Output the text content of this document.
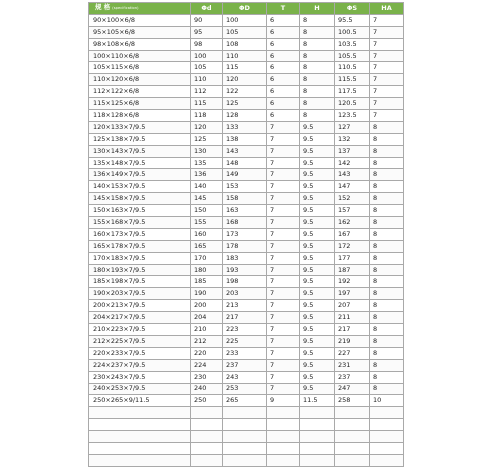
规 格 (specification)	Φd	ΦD	T	H	ΦS	HA
90×100×6/8	90	100	6	8	95.5	7
95×105×6/8	95	105	6	8	100.5	7
98×108×6/8	98	108	6	8	103.5	7
100×110×6/8	100	110	6	8	105.5	7
105×115×6/8	105	115	6	8	110.5	7
110×120×6/8	110	120	6	8	115.5	7
112×122×6/8	112	122	6	8	117.5	7
115×125×6/8	115	125	6	8	120.5	7
118×128×6/8	118	128	6	8	123.5	7
120×133×7/9.5	120	133	7	9.5	127	8
125×138×7/9.5	125	138	7	9.5	132	8
130×143×7/9.5	130	143	7	9.5	137	8
135×148×7/9.5	135	148	7	9.5	142	8
136×149×7/9.5	136	149	7	9.5	143	8
140×153×7/9.5	140	153	7	9.5	147	8
145×158×7/9.5	145	158	7	9.5	152	8
150×163×7/9.5	150	163	7	9.5	157	8
155×168×7/9.5	155	168	7	9.5	162	8
160×173×7/9.5	160	173	7	9.5	167	8
165×178×7/9.5	165	178	7	9.5	172	8
170×183×7/9.5	170	183	7	9.5	177	8
180×193×7/9.5	180	193	7	9.5	187	8
185×198×7/9.5	185	198	7	9.5	192	8
190×203×7/9.5	190	203	7	9.5	197	8
200×213×7/9.5	200	213	7	9.5	207	8
204×217×7/9.5	204	217	7	9.5	211	8
210×223×7/9.5	210	223	7	9.5	217	8
212×225×7/9.5	212	225	7	9.5	219	8
220×233×7/9.5	220	233	7	9.5	227	8
224×237×7/9.5	224	237	7	9.5	231	8
230×243×7/9.5	230	243	7	9.5	237	8
240×253×7/9.5	240	253	7	9.5	247	8
250×265×9/11.5	250	265	9	11.5	258	10
